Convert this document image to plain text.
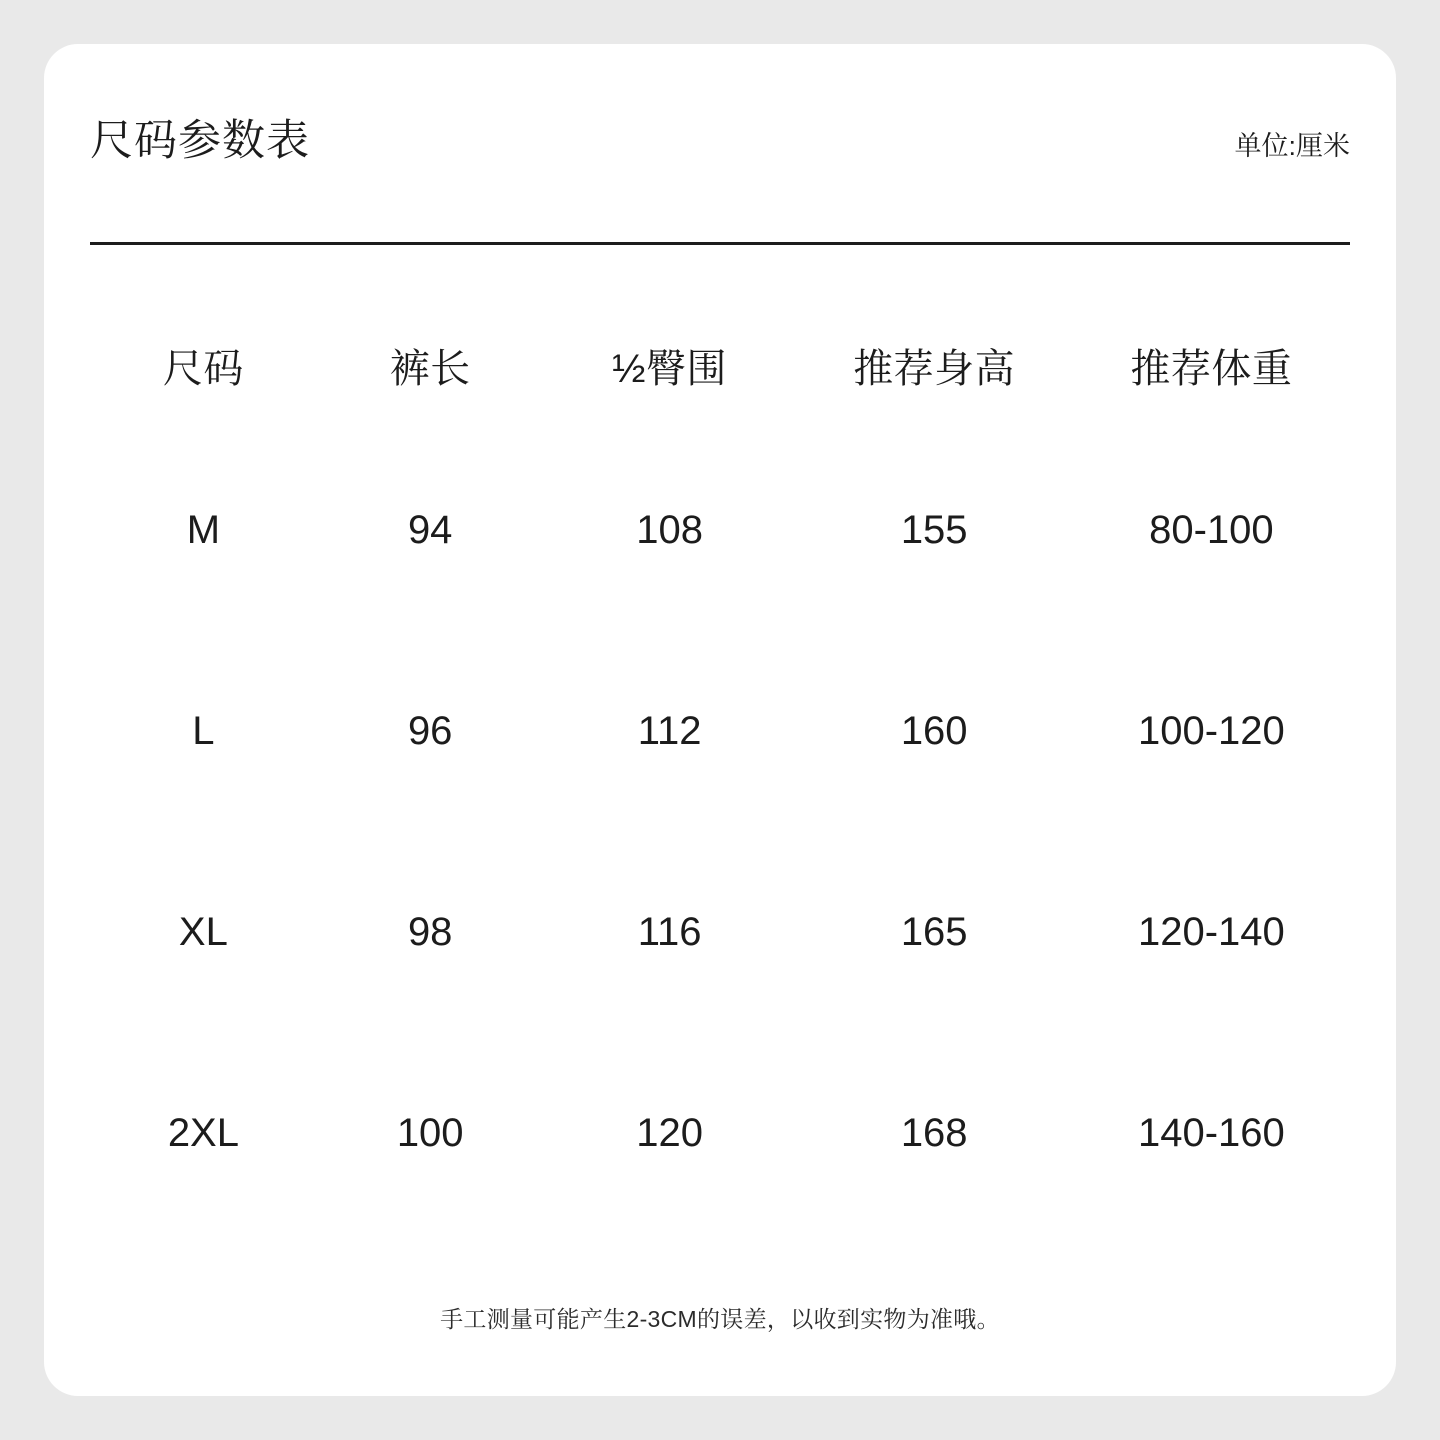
尺码参数表	单位:厘米
尺码	裤长	½臀围	推荐身高	推荐体重
M	94	108	155	80-100
L	96	112	160	100-120
XL	98	116	165	120-140
2XL	100	120	168	140-160
手工测量可能产生2-3CM的误差，以收到实物为准哦。
